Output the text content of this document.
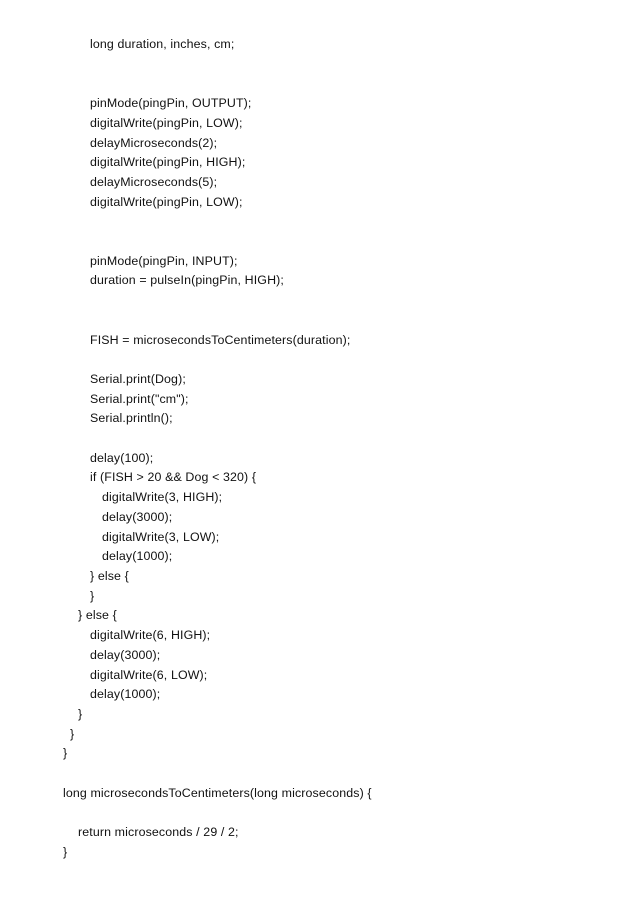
long duration, inches, cm;

pinMode(pingPin, OUTPUT);
digitalWrite(pingPin, LOW);
delayMicroseconds(2);
digitalWrite(pingPin, HIGH);
delayMicroseconds(5);
digitalWrite(pingPin, LOW);

pinMode(pingPin, INPUT);
duration = pulseIn(pingPin, HIGH);

FISH = microsecondsToCentimeters(duration);

Serial.print(Dog);
Serial.print("cm");
Serial.println();

delay(100);
if (FISH > 20 && Dog < 320) {
digitalWrite(3, HIGH);
delay(3000);
digitalWrite(3, LOW);
delay(1000);
} else {
}
} else {
digitalWrite(6, HIGH);
delay(3000);
digitalWrite(6, LOW);
delay(1000);
}
}
}

long microsecondsToCentimeters(long microseconds) {

return microseconds / 29 / 2;
}
